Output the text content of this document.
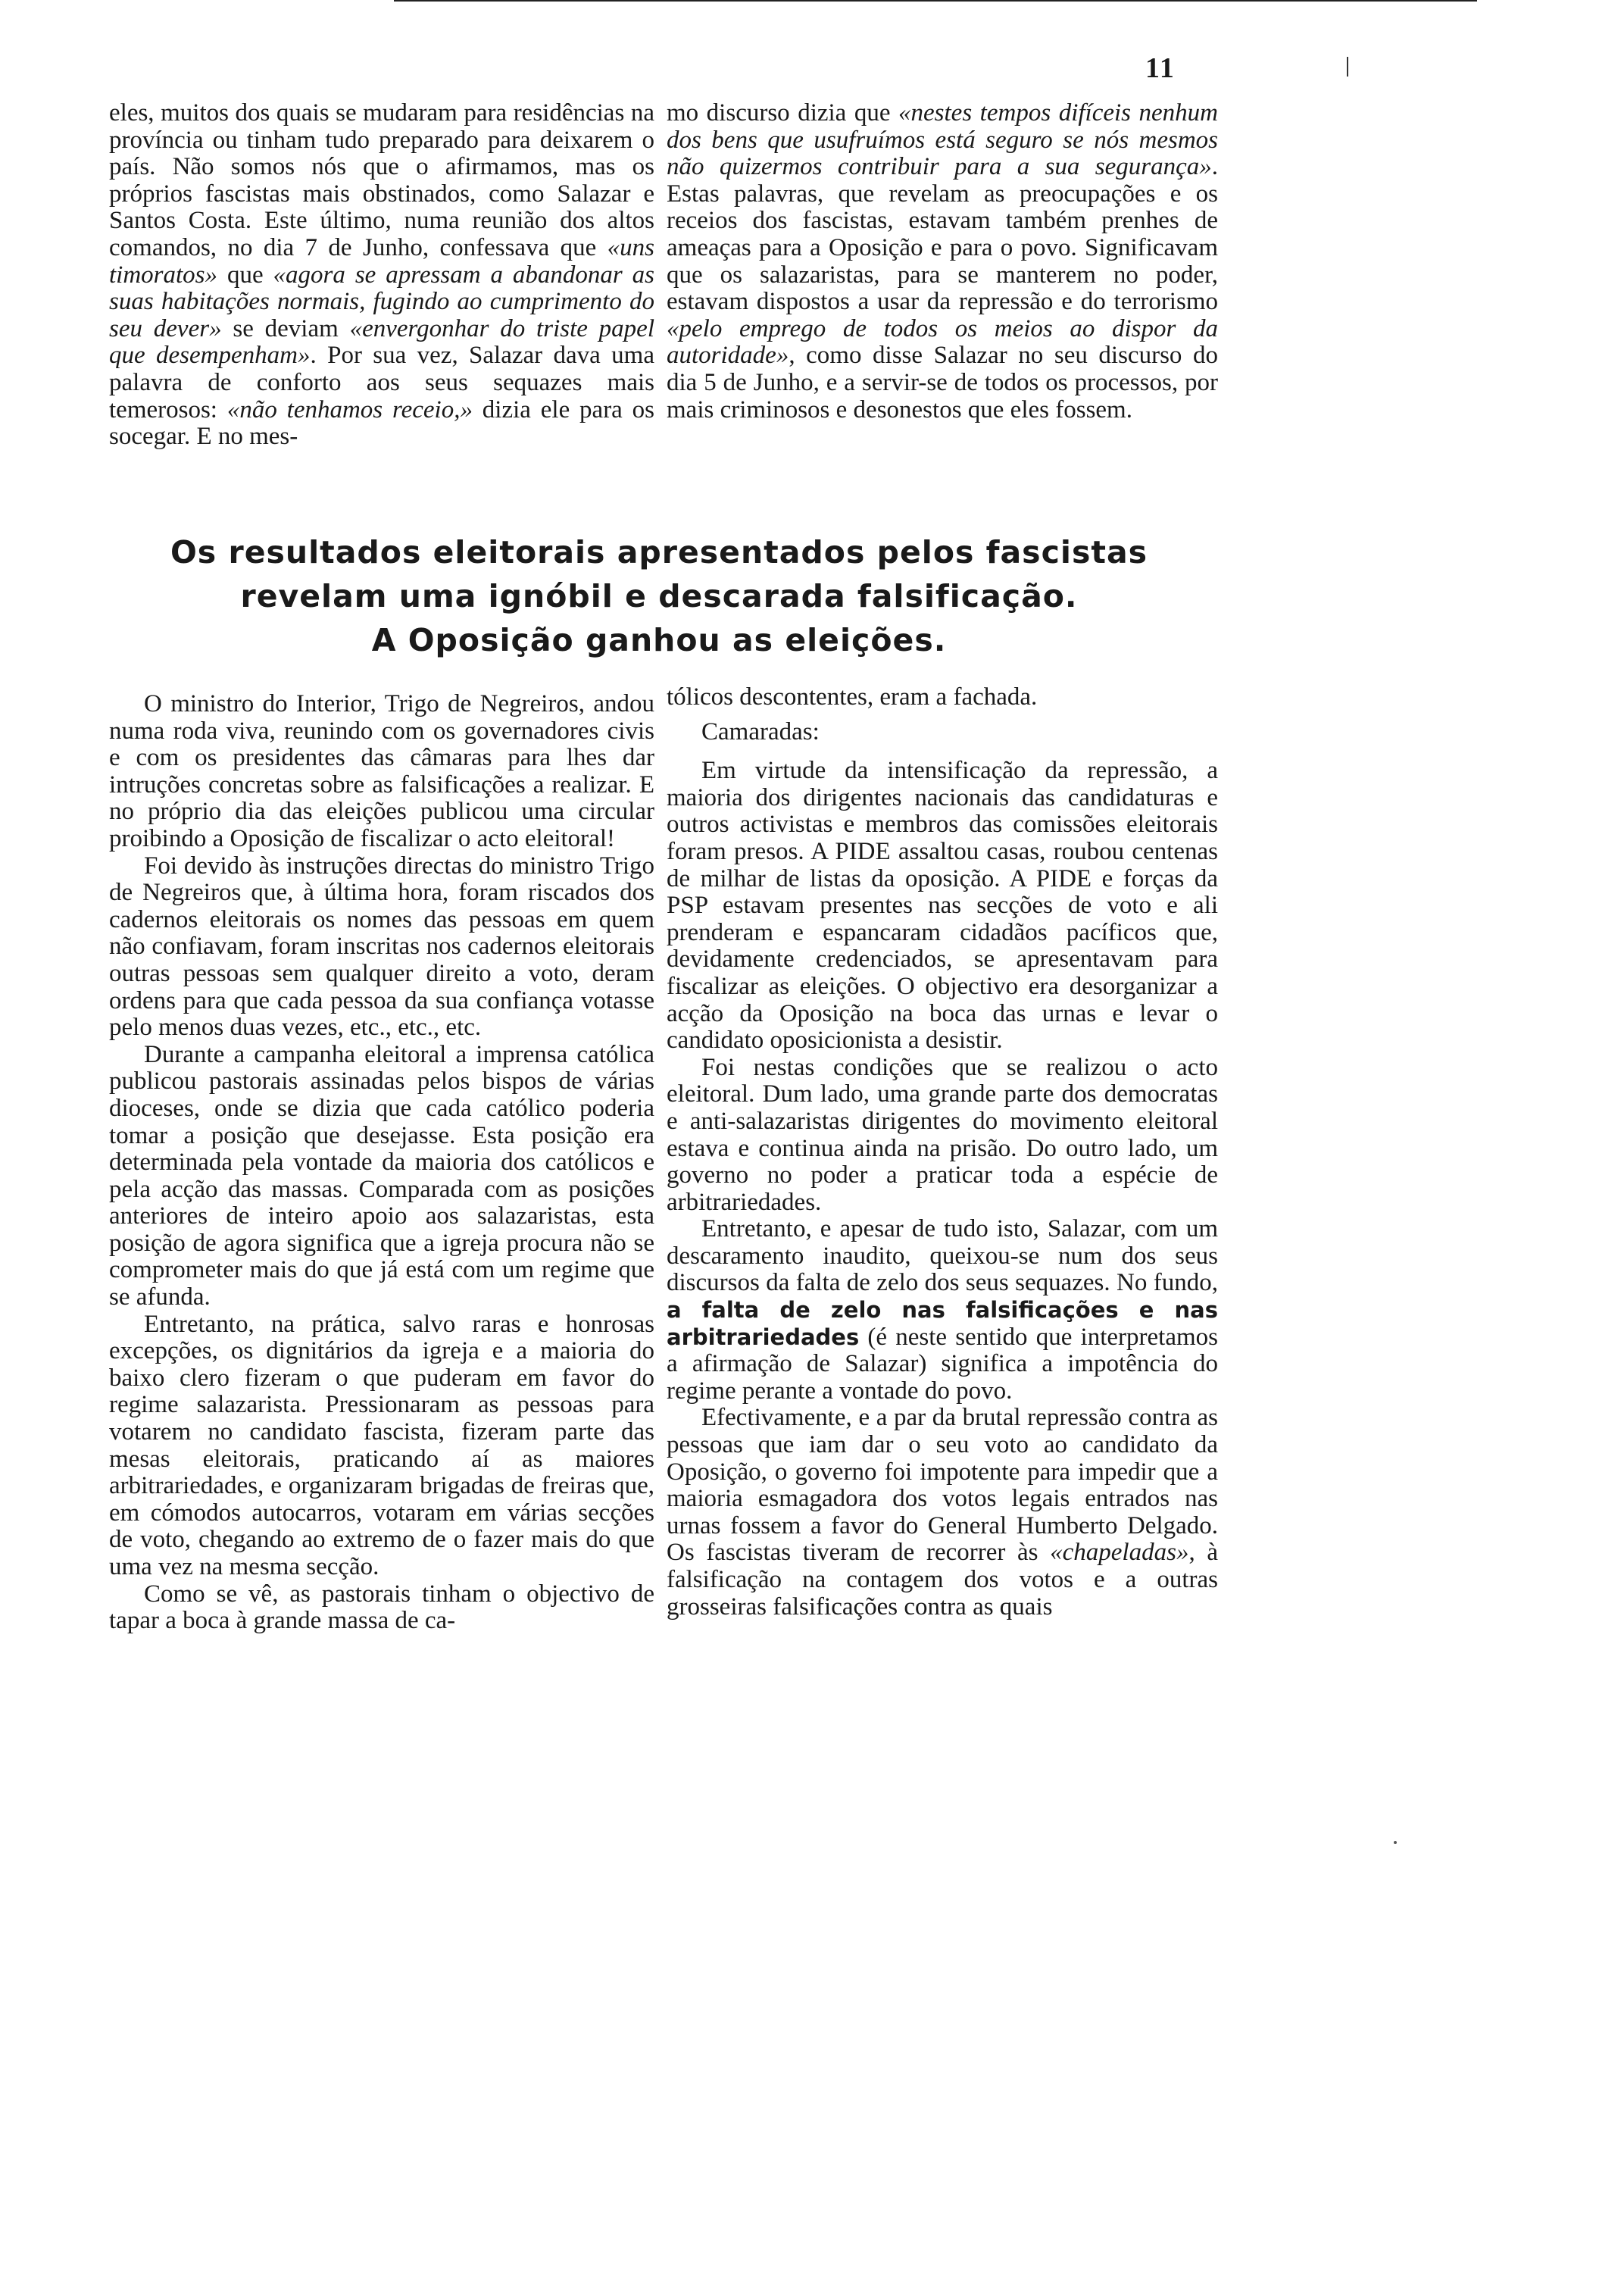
11

eles, muitos dos quais se mudaram para residências na província ou tinham tudo preparado para deixarem o país. Não somos nós que o afirmamos, mas os próprios fascistas mais obstinados, como Salazar e Santos Costa. Este último, numa reunião dos altos comandos, no dia 7 de Junho, confessava que «uns timoratos» que «agora se apressam a abandonar as suas habitações normais, fugindo ao cumprimento do seu dever» se deviam «envergonhar do triste papel que desempenham». Por sua vez, Salazar dava uma palavra de conforto aos seus sequazes mais temerosos: «não tenhamos receio,» dizia ele para os socegar. E no mes-

mo discurso dizia que «nestes tempos difíceis nenhum dos bens que usufruímos está seguro se nós mesmos não quizermos contribuir para a sua segurança». Estas palavras, que revelam as preocupações e os receios dos fascistas, estavam também prenhes de ameaças para a Oposição e para o povo. Significavam que os salazaristas, para se manterem no poder, estavam dispostos a usar da repressão e do terrorismo «pelo emprego de todos os meios ao dispor da autoridade», como disse Salazar no seu discurso do dia 5 de Junho, e a servir-se de todos os processos, por mais criminosos e desonestos que eles fossem.

Os resultados eleitorais apresentados pelos fascistas
revelam uma ignóbil e descarada falsificação.
A Oposição ganhou as eleições.

O ministro do Interior, Trigo de Negreiros, andou numa roda viva, reunindo com os governadores civis e com os presidentes das câmaras para lhes dar intruções concretas sobre as falsificações a realizar. E no próprio dia das eleições publicou uma circular proibindo a Oposição de fiscalizar o acto eleitoral!

Foi devido às instruções directas do ministro Trigo de Negreiros que, à última hora, foram riscados dos cadernos eleitorais os nomes das pessoas em quem não confiavam, foram inscritas nos cadernos eleitorais outras pessoas sem qualquer direito a voto, deram ordens para que cada pessoa da sua confiança votasse pelo menos duas vezes, etc., etc., etc.

Durante a campanha eleitoral a imprensa católica publicou pastorais assinadas pelos bispos de várias dioceses, onde se dizia que cada católico poderia tomar a posição que desejasse. Esta posição era determinada pela vontade da maioria dos católicos e pela acção das massas. Comparada com as posições anteriores de inteiro apoio aos salazaristas, esta posição de agora significa que a igreja procura não se comprometer mais do que já está com um regime que se afunda.

Entretanto, na prática, salvo raras e honrosas excepções, os dignitários da igreja e a maioria do baixo clero fizeram o que puderam em favor do regime salazarista. Pressionaram as pessoas para votarem no candidato fascista, fizeram parte das mesas eleitorais, praticando aí as maiores arbitrariedades, e organizaram brigadas de freiras que, em cómodos autocarros, votaram em várias secções de voto, chegando ao extremo de o fazer mais do que uma vez na mesma secção.

Como se vê, as pastorais tinham o objectivo de tapar a boca à grande massa de ca-

tólicos descontentes, eram a fachada.

Camaradas:

Em virtude da intensificação da repressão, a maioria dos dirigentes nacionais das candidaturas e outros activistas e membros das comissões eleitorais foram presos. A PIDE assaltou casas, roubou centenas de milhar de listas da oposição. A PIDE e forças da PSP estavam presentes nas secções de voto e ali prenderam e espancaram cidadãos pacíficos que, devidamente credenciados, se apresentavam para fiscalizar as eleições. O objectivo era desorganizar a acção da Oposição na boca das urnas e levar o candidato oposicionista a desistir.

Foi nestas condições que se realizou o acto eleitoral. Dum lado, uma grande parte dos democratas e anti-salazaristas dirigentes do movimento eleitoral estava e continua ainda na prisão. Do outro lado, um governo no poder a praticar toda a espécie de arbitrariedades.

Entretanto, e apesar de tudo isto, Salazar, com um descaramento inaudito, queixou-se num dos seus discursos da falta de zelo dos seus sequazes. No fundo, a falta de zelo nas falsificações e nas arbitrariedades (é neste sentido que interpretamos a afirmação de Salazar) significa a impotência do regime perante a vontade do povo.

Efectivamente, e a par da brutal repressão contra as pessoas que iam dar o seu voto ao candidato da Oposição, o governo foi impotente para impedir que a maioria esmagadora dos votos legais entrados nas urnas fossem a favor do General Humberto Delgado. Os fascistas tiveram de recorrer às «chapeladas», à falsificação na contagem dos votos e a outras grosseiras falsificações contra as quais
